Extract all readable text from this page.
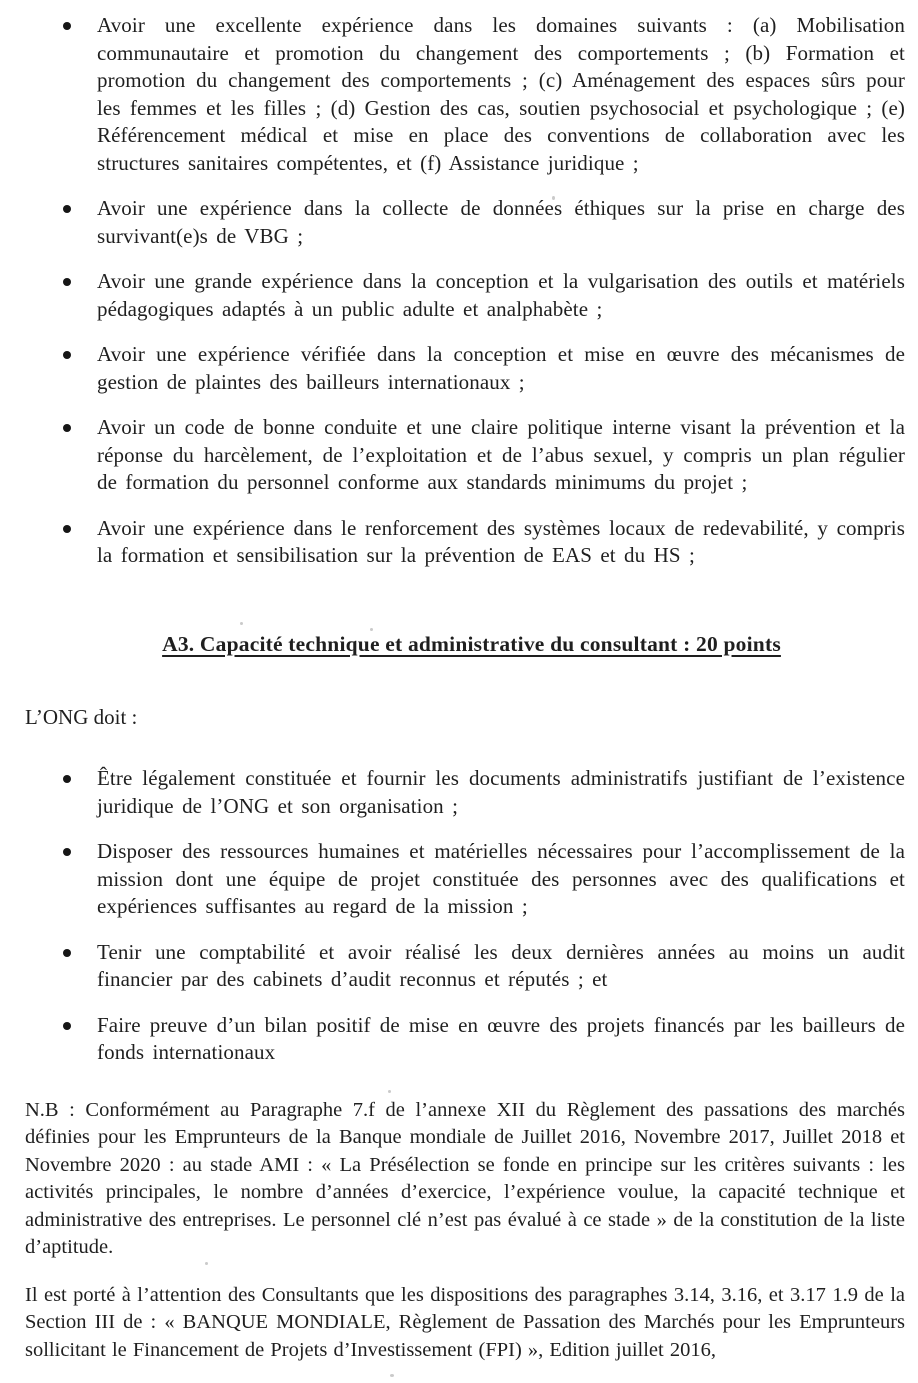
Avoir une excellente expérience dans les domaines suivants : (a) Mobilisation communautaire et promotion du changement des comportements ; (b) Formation et promotion du changement des comportements ; (c) Aménagement des espaces sûrs pour les femmes et les filles ; (d) Gestion des cas, soutien psychosocial et psychologique ; (e) Référencement médical et mise en place des conventions de collaboration avec les structures sanitaires compétentes, et (f) Assistance juridique ;
Avoir une expérience dans la collecte de données éthiques sur la prise en charge des survivant(e)s de VBG ;
Avoir une grande expérience dans la conception et la vulgarisation des outils et matériels pédagogiques adaptés à un public adulte et analphabète ;
Avoir une expérience vérifiée dans la conception et mise en œuvre des mécanismes de gestion de plaintes des bailleurs internationaux ;
Avoir un code de bonne conduite et une claire politique interne visant la prévention et la réponse du harcèlement, de l’exploitation et de l’abus sexuel, y compris un plan régulier de formation du personnel conforme aux standards minimums du projet ;
Avoir une expérience dans le renforcement des systèmes locaux de redevabilité, y compris la formation et sensibilisation sur la prévention de EAS et du HS ;
A3. Capacité technique et administrative du consultant : 20 points
L’ONG doit :
Être légalement constituée et fournir les documents administratifs justifiant de l’existence juridique de l’ONG et son organisation ;
Disposer des ressources humaines et matérielles nécessaires pour l’accomplissement de la mission dont une équipe de projet constituée des personnes avec des qualifications et expériences suffisantes au regard de la mission ;
Tenir une comptabilité et avoir réalisé les deux dernières années au moins un audit financier par des cabinets d’audit reconnus et réputés ; et
Faire preuve d’un bilan positif de mise en œuvre des projets financés par les bailleurs de fonds internationaux

N.B : Conformément au Paragraphe 7.f de l’annexe XII du Règlement des passations des marchés définies pour les Emprunteurs de la Banque mondiale de Juillet 2016, Novembre 2017, Juillet 2018 et Novembre 2020 : au stade AMI : « La Présélection se fonde en principe sur les critères suivants : les activités principales, le nombre d’années d’exercice, l’expérience voulue, la capacité technique et administrative des entreprises. Le personnel clé n’est pas évalué à ce stade » de la constitution de la liste d’aptitude.

Il est porté à l’attention des Consultants que les dispositions des paragraphes 3.14, 3.16, et 3.17 1.9 de la Section III de : « BANQUE MONDIALE, Règlement de Passation des Marchés pour les Emprunteurs sollicitant le Financement de Projets d’Investissement (FPI) », Edition juillet 2016,
